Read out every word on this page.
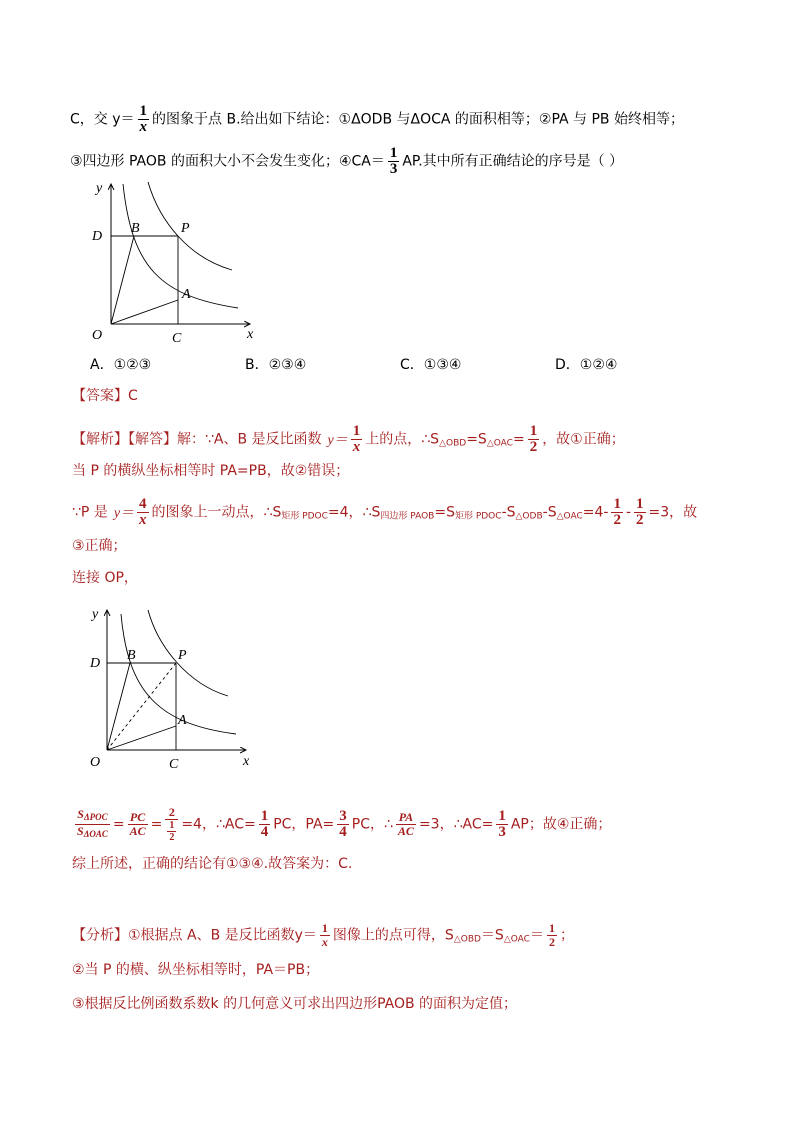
C，交 $y= \frac{1}{x}$ 的图象于点 B.给出如下结论：①ΔODB 与ΔOCA 的面积相等；②PA 与 PB 始终相等；
③四边形 PAOB 的面积大小不会发生变化；④CA＝ $\frac{1}{3}$ AP.其中所有正确结论的序号是（ ）
y
x
O
D
B	P
A
C
A．①②③	B．②③④	C．①③④	D．①②④
【答案】C
【解析】【解答】解：∵A、B 是反比函数 $y= \frac{1}{x}$ 上的点，$\therefore S_{\triangle OBD}=S_{\triangle OAC}= \frac{1}{2}$ ，故①正确；
当 P 的横纵坐标相等时 PA=PB，故②错误；
∵P 是 $y= \frac{4}{x}$ 的图象上一动点，$\therefore S_{矩形 PDOC}=4$，$\therefore S_{四边形 PAOB}=S_{矩形 PDOC}-S_{\triangle ODB}-S_{\triangle OAC}=4- \frac{1}{2} - \frac{1}{2} =3$，故
③正确；
连接 OP，
y
x
O
D
B	P
A
C
$\frac{S_{\Delta POC}}{S_{\Delta OAC}} = \frac{PC}{AC} = \frac{2}{\frac{1}{2}} =4$，∴AC= $\frac{1}{4}$ PC，$PA= \frac{3}{4}$ PC，∴ $\frac{PA}{AC} =3$，∴AC= $\frac{1}{3}$ AP；故④正确；
综上所述，正确的结论有①③④.故答案为：C.
【分析】①根据点 A、B 是反比函数$y= \frac{1}{x}$ 图像上的点可得，$S_{\triangle OBD}=S_{\triangle OAC}= \frac{1}{2}$ ；
②当 P 的横、纵坐标相等时，PA＝PB；
③根据反比例函数系数k 的几何意义可求出四边形PAOB 的面积为定值；
